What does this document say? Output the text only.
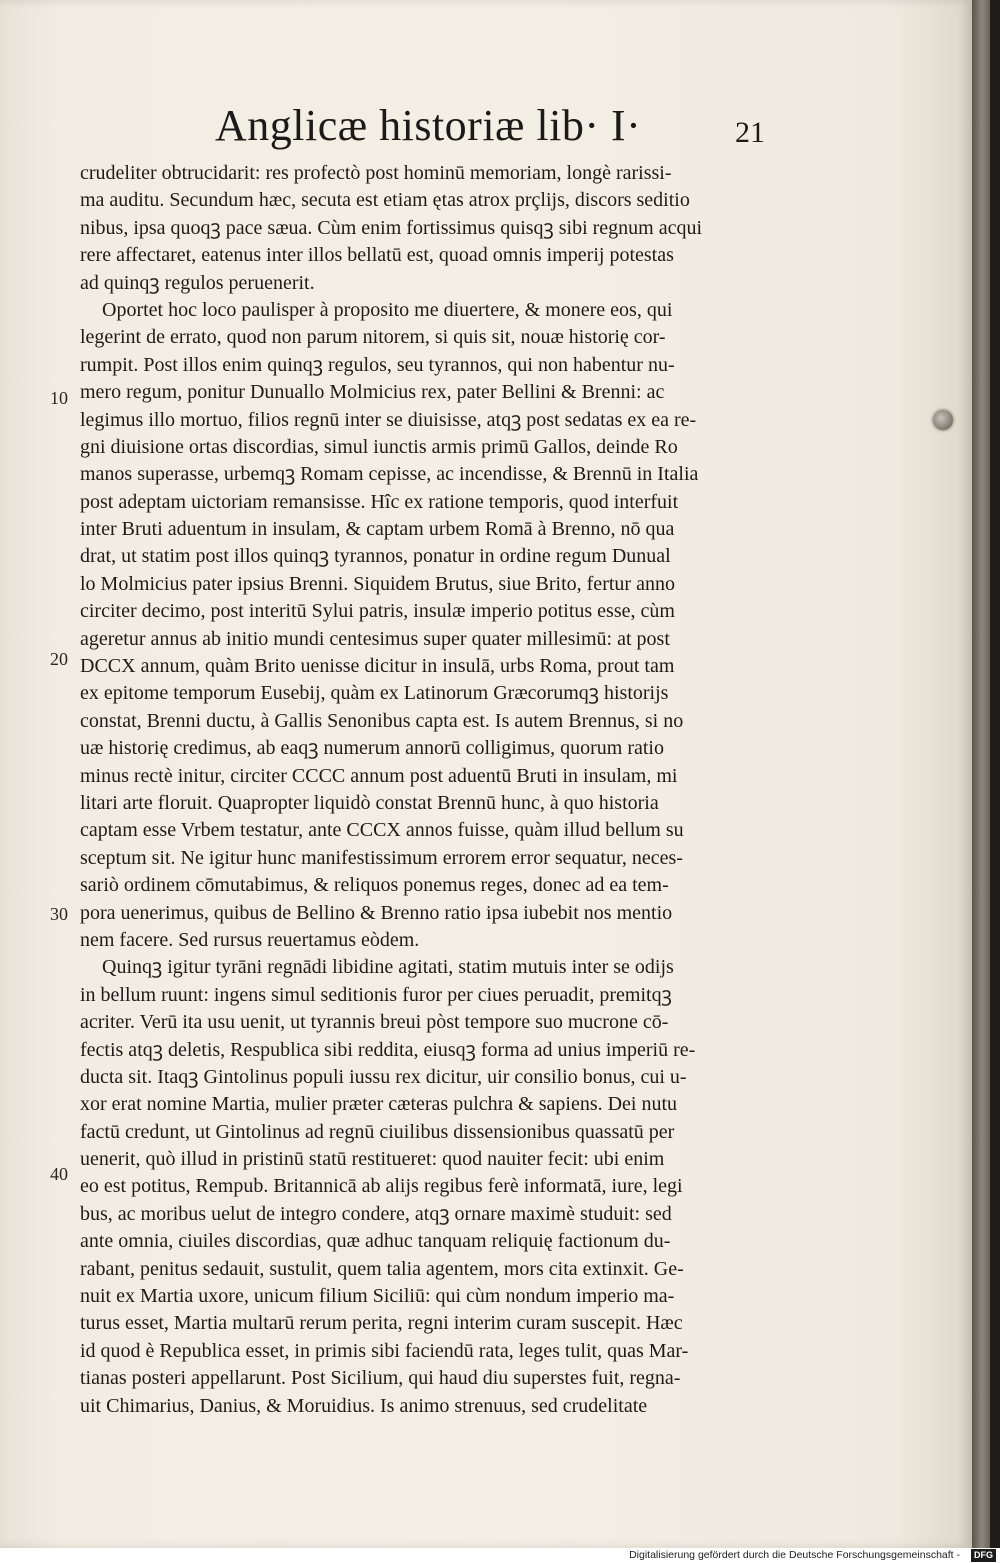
Anglicæ historiæ lib· I·	21
10
20
30
40
crudeliter obtrucidarit: res profectò post hominū memoriam, longè rarissi-
ma auditu. Secundum hæc, secuta est etiam ętas atrox prçlijs, discors seditio
nibus, ipsa quoqꝫ pace sæua. Cùm enim fortissimus quisqꝫ sibi regnum acqui
rere affectaret, eatenus inter illos bellatū est, quoad omnis imperij potestas
ad quinqꝫ regulos peruenerit.
Oportet hoc loco paulisper à proposito me diuertere, & monere eos, qui
legerint de errato, quod non parum nitorem, si quis sit, nouæ historię cor-
rumpit. Post illos enim quinqꝫ regulos, seu tyrannos, qui non habentur nu-
mero regum, ponitur Dunuallo Molmicius rex, pater Bellini & Brenni: ac
legimus illo mortuo, filios regnū inter se diuisisse, atqꝫ post sedatas ex ea re-
gni diuisione ortas discordias, simul iunctis armis primū Gallos, deinde Ro
manos superasse, urbemqꝫ Romam cepisse, ac incendisse, & Brennū in Italia
post adeptam uictoriam remansisse. Hîc ex ratione temporis, quod interfuit
inter Bruti aduentum in insulam, & captam urbem Romā à Brenno, nō qua
drat, ut statim post illos quinqꝫ tyrannos, ponatur in ordine regum Dunual
lo Molmicius pater ipsius Brenni. Siquidem Brutus, siue Brito, fertur anno
circiter decimo, post interitū Sylui patris, insulæ imperio potitus esse, cùm
ageretur annus ab initio mundi centesimus super quater millesimū: at post
DCCX annum, quàm Brito uenisse dicitur in insulā, urbs Roma, prout tam
ex epitome temporum Eusebij, quàm ex Latinorum Græcorumqꝫ historijs
constat, Brenni ductu, à Gallis Senonibus capta est. Is autem Brennus, si no
uæ historię credimus, ab eaqꝫ numerum annorū colligimus, quorum ratio
minus rectè initur, circiter CCCC annum post aduentū Bruti in insulam, mi
litari arte floruit. Quapropter liquidò constat Brennū hunc, à quo historia
captam esse Vrbem testatur, ante CCCX annos fuisse, quàm illud bellum su
sceptum sit. Ne igitur hunc manifestissimum errorem error sequatur, neces-
sariò ordinem cōmutabimus, & reliquos ponemus reges, donec ad ea tem-
pora uenerimus, quibus de Bellino & Brenno ratio ipsa iubebit nos mentio
nem facere. Sed rursus reuertamus eòdem.
Quinqꝫ igitur tyrāni regnādi libidine agitati, statim mutuis inter se odijs
in bellum ruunt: ingens simul seditionis furor per ciues peruadit, premitqꝫ
acriter. Verū ita usu uenit, ut tyrannis breui pòst tempore suo mucrone cō-
fectis atqꝫ deletis, Respublica sibi reddita, eiusqꝫ forma ad unius imperiū re-
ducta sit. Itaqꝫ Gintolinus populi iussu rex dicitur, uir consilio bonus, cui u-
xor erat nomine Martia, mulier præter cæteras pulchra & sapiens. Dei nutu
factū credunt, ut Gintolinus ad regnū ciuilibus dissensionibus quassatū per
uenerit, quò illud in pristinū statū restitueret: quod nauiter fecit: ubi enim
eo est potitus, Rempub. Britannicā ab alijs regibus ferè informatā, iure, legi
bus, ac moribus uelut de integro condere, atqꝫ ornare maximè studuit: sed
ante omnia, ciuiles discordias, quæ adhuc tanquam reliquię factionum du-
rabant, penitus sedauit, sustulit, quem talia agentem, mors cita extinxit. Ge-
nuit ex Martia uxore, unicum filium Siciliū: qui cùm nondum imperio ma-
turus esset, Martia multarū rerum perita, regni interim curam suscepit. Hæc
id quod è Republica esset, in primis sibi faciendū rata, leges tulit, quas Mar-
tianas posteri appellarunt. Post Sicilium, qui haud diu superstes fuit, regna-
uit Chimarius, Danius, & Moruidius. Is animo strenuus, sed crudelitate
Digitalisierung gefördert durch die Deutsche Forschungsgemeinschaft -	DFG
